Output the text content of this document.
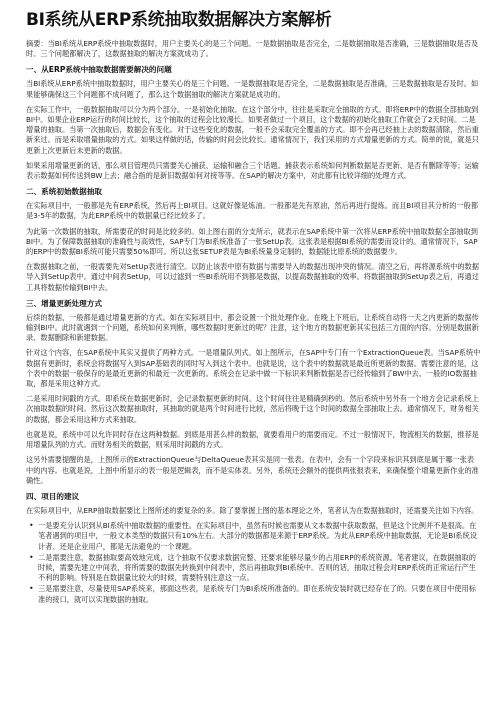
BI系统从ERP系统抽取数据解决方案解析

摘要：当BI系统从ERP系统中抽取数据时，用户主要关心的是三个问题。一是数据抽取是否完全，二是数据抽取是否准确，三是数据抽取是否及时。三个问题都解决了，这数据抽取的解决方案就成功了。

一、从ERP系统中抽取数据需要解决的问题

当BI系统从ERP系统中抽取数据时，用户主要关心的是三个问题。一是数据抽取是否完全，二是数据抽取是否准确，三是数据抽取是否及时。如果能够确保这三个问题都不成问题了，那么这个数据抽取的解决方案就是成功的。

在实际工作中，一般数据抽取可以分为两个部分。一是初始化抽取。在这个部分中，往往是采取完全抽取的方式。即将ERP中的数据全部抽取到BI中。如果企业ERP运行的时间比较长，这个抽取的过程会比较漫长。如果者做过一个项目，这个数据的初始化抽取工作就会了2天时间。二是增量的抽取。当第一次抽取后，数据会有变化。对于这些变化的数据，一般不会采取完全覆盖的方式。即不会再已经抽上去的数据清除，然后重新来过。而是采取增量抽取的方式。如果这样做的话，传输的时间会比较长。通常情况下，我们采用的方式增量更新的方式。简单的说，就是只更新上次更新后未更新的数据。

如果采用增量更新的话，那么项目管理员只需要关心捕获、运输和融合三个话题。捕获表示系统如何判断数据是否更新、是否有删除等等；运输表示数据如何传送到BW上去；融合指的是新旧数据如何对接等等。在SAP的解决方案中，对此都有比较详细的处理方式。

二、系统初始数据抽取

在实际项目中，一般都是先有ERP系统，然后再上BI项目。这就好像是炼油。一般都是先有原油，然后再进行提炼。而且BI项目其分析的一般都是3-5年的数据，为此ERP系统中的数据量已经比较多了。

为此第一次数据的抽取，所需要花的时间是比较多的。如上图右面的分支所示，就表示在SAP系统中第一次将从ERP系统中抽取数据全部抽取到BI中。为了保障数据抽取的准确性与高效性，SAP专门为BI系统准备了一张SetUp表。这张表是根据BI系统的需要而设计的。通常情况下，SAP的ERP中的数据BI系统可能只需要50%即可。所以这张SETUP表是为BI系统量身定制的，数据能比原系统的数据要少。

在数据抽取之前，一般需要先对SetUp表进行清空。以防止该表中原有数据与需要导入的数据出现冲突的情况。清空之后，再将源系统中的数据导入到SetUp表中。通过中间表SetUp，可以过滤到一些BI系统用不到都是数据，以提高数据抽取的效率。将数据抽取到SetUp表之后，再通过工具将数据传输到BI中去。

三、增量更新处理方式

后续的数据，一般都是通过增量更新的方式。如在实际项目中，都会设置一个批处理作业。在晚上下班后，让系统自动将一天之内更新的数据传输到BI中。此时就遇到一个问题，系统如何来判断，哪些数据时更新过的呢？注意，这个地方的数据更新其实包括三方面的内容。分别是数据新录、数据删除和新建数据。

针对这个内容，在SAP系统中其实又提供了两种方式。一是增量队列式。如上图所示，在SAP中专门有一个ExtractionQueue表。当SAP系统中数据有更新时，系统会将数据写入到SAP基础表的同时写入到这个表中。也就是说，这个表中的数据就是最近所更新的数据。需要注意的是，这个表中的数据一般保存的是最近更新的和最近一次更新的。系统会在记录中做一下标识来判断数据是否已经传输到了BW中去。一般的IO数据抽取，都是采用这种方式。

二是采用时间戳的方式。即系统在数据更新时，会记录数据更新的时间。这个时间往往是精确到秒的。然后系统中另外有一个地方会记录系统上次抽取数据的时间。然后这次数据抽取时，其抽取的就是两个时间进行比较，然后将晚于这个时间的数据全部抽取上去。通常情况下，财务相关的数据，都会采用这种方式来抽取。

也就是说，系统中可以允许同时存在这两种数据。到底是用甚么样的数据，就要看用户的需要而定。不过一般情况下，物流相关的数据，推荐是用增量队列的方式。而财务相关的数据，则采用时间戳的方式。

这另外需要提醒的是，上图所示的ExtractionQueue与DeltaQueue表其实是同一张表。在表中，会有一个字段来标识其到底是属于哪一张表中的内容。也就是说，上图中所显示的表一般是逻辑表，而不是实体表。另外，系统还会额外的提供两张报表来，来确保整个增量更新作业的准确性。

四、项目的建议

在实际项目中，从ERP抽取数据要比上图所述的要复杂的多。除了要掌握上图的基本理论之外，笔者认为在数据抽取时，还需要关注如下内容。

• 一是要充分认识到从BI系统中抽取数据的重要性。在实际项目中，虽然有时候也需要从文本数据中获取数据，但是这个比例并不是很高。在笔者遇到的项目中，一般文本类型的数据只有10%左右。大部分的数据都是来源于ERP系统。为此从ERP系统中抽取数据，无论是BI系统设计者、还是企业用户，都是无法避免的一个课题。
• 二是需要注意，数据抽取要高效地完成，这个抽取不仅要求数据完整、还要求能够尽量少的占用ERP的系统资源。笔者建议，在数据抽取的时候，需要先建立中间表，将所需要的数据先转换到中间表中，然后再抽取到BI系统中。否则的话，抽取过程会对ERP系统的正常运行产生不利的影响。特别是在数据量比较大的时候，需要特别注意这一点。
• 三是需要注意，尽量使用SAP系统来，那面这些表，是系统专门为BI系统所准备的。即在系统安装时就已经存在了的。只要在项目中使用标准的接口，就可以实现数据的抽取。
